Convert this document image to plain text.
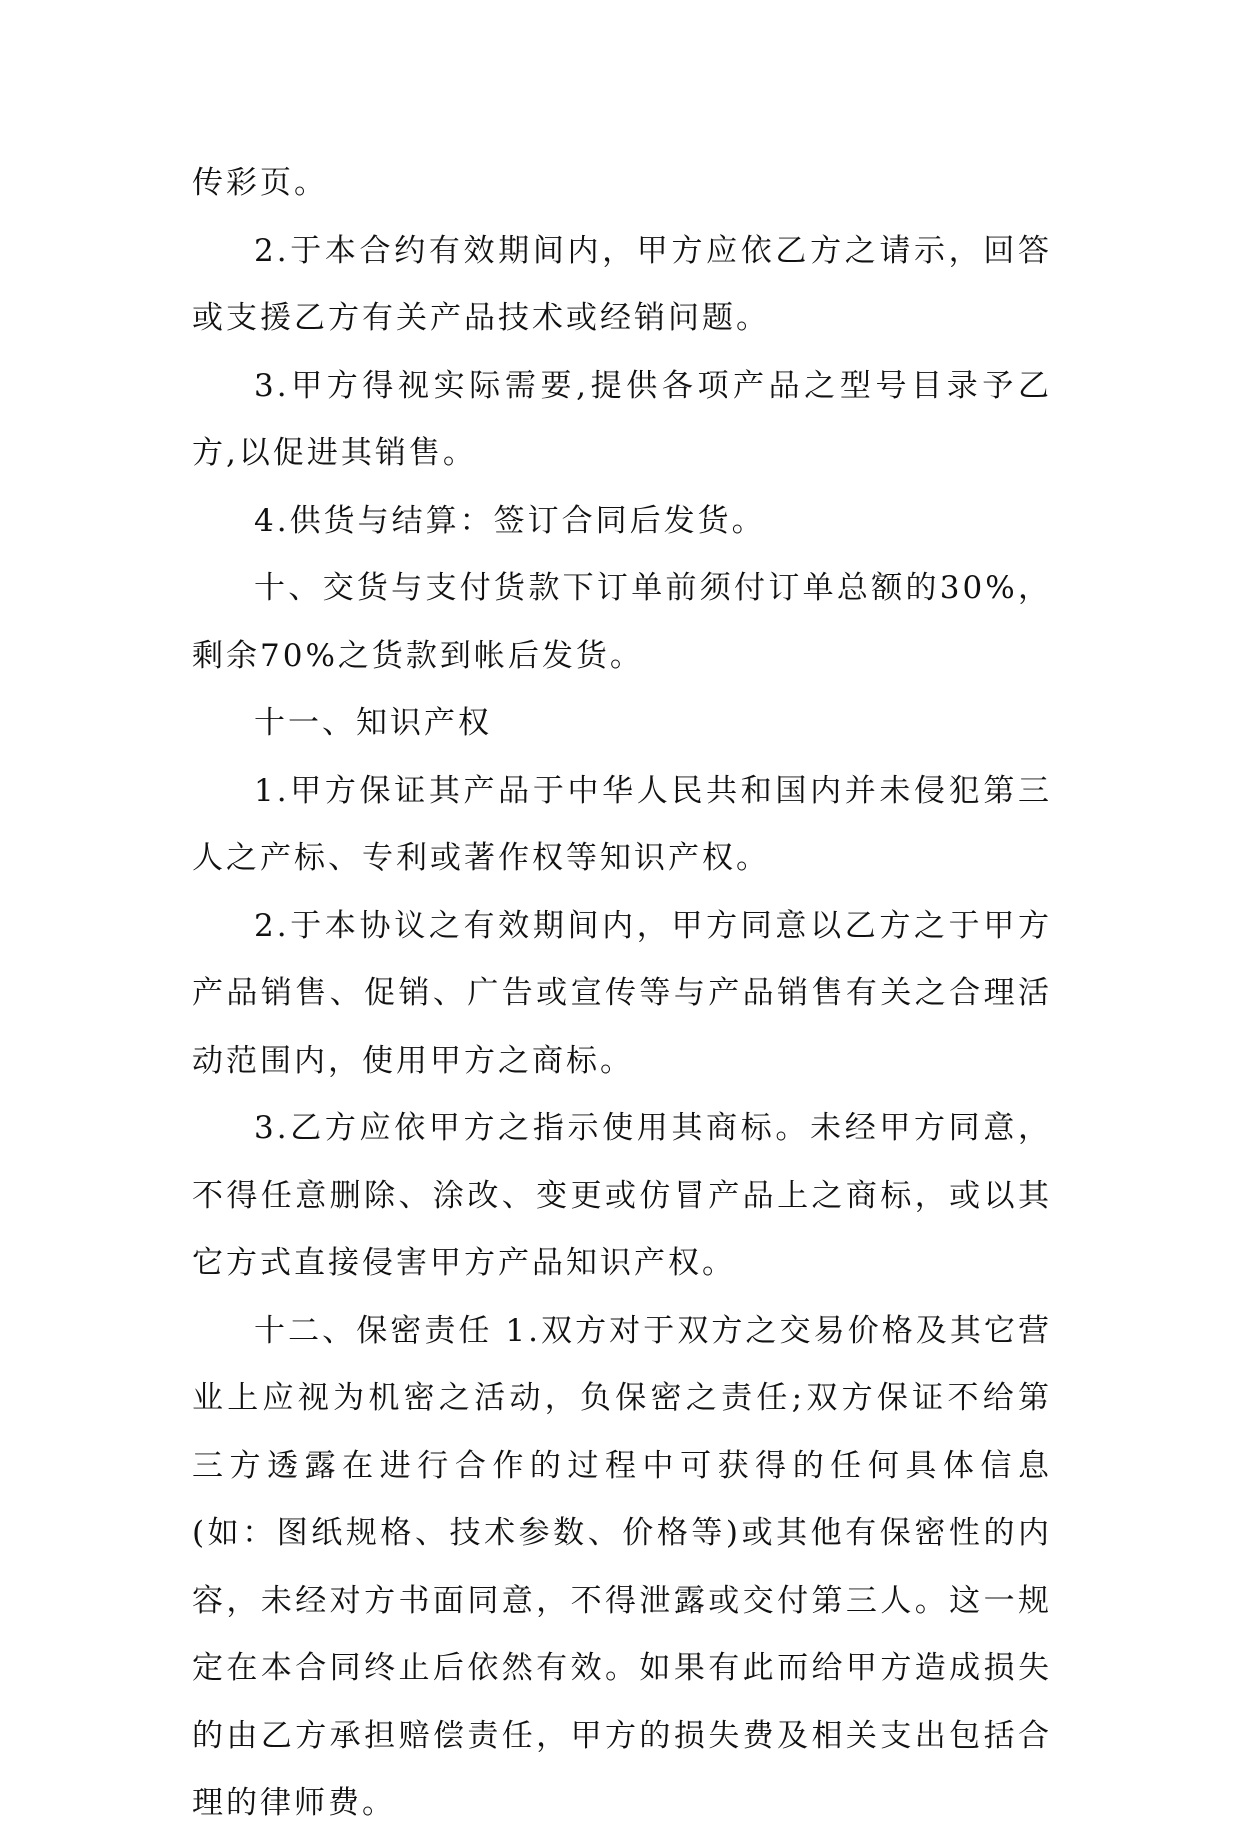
传彩页。

2.于本合约有效期间内，甲方应依乙方之请示，回答或支援乙方有关产品技术或经销问题。

3.甲方得视实际需要,提供各项产品之型号目录予乙方,以促进其销售。

4.供货与结算：签订合同后发货。

十、交货与支付货款下订单前须付订单总额的30%，剩余70%之货款到帐后发货。

十一、知识产权

1.甲方保证其产品于中华人民共和国内并未侵犯第三人之产标、专利或著作权等知识产权。

2.于本协议之有效期间内，甲方同意以乙方之于甲方产品销售、促销、广告或宣传等与产品销售有关之合理活动范围内，使用甲方之商标。

3.乙方应依甲方之指示使用其商标。未经甲方同意，不得任意删除、涂改、变更或仿冒产品上之商标，或以其它方式直接侵害甲方产品知识产权。

十二、保密责任 1.双方对于双方之交易价格及其它营业上应视为机密之活动，负保密之责任;双方保证不给第三方透露在进行合作的过程中可获得的任何具体信息(如：图纸规格、技术参数、价格等)或其他有保密性的内容，未经对方书面同意，不得泄露或交付第三人。这一规定在本合同终止后依然有效。如果有此而给甲方造成损失的由乙方承担赔偿责任，甲方的损失费及相关支出包括合理的律师费。
